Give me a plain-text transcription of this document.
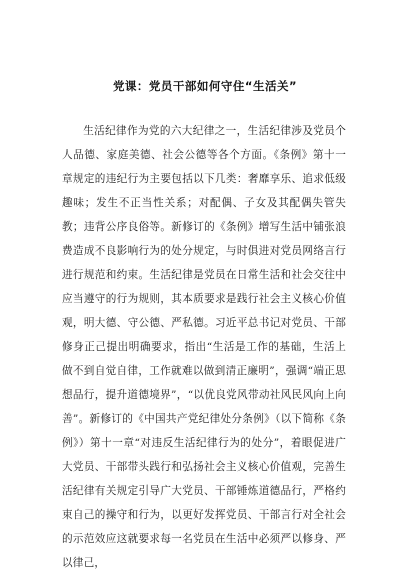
党课：党员干部如何守住“生活关”

生活纪律作为党的六大纪律之一，生活纪律涉及党员个人品德、家庭美德、社会公德等各个方面。《条例》第十一章规定的违纪行为主要包括以下几类：奢靡享乐、追求低级趣味；发生不正当性关系；对配偶、子女及其配偶失管失教；违背公序良俗等。新修订的《条例》增写生活中铺张浪费造成不良影响行为的处分规定，与时俱进对党员网络言行进行规范和约束。生活纪律是党员在日常生活和社会交往中应当遵守的行为规则，其本质要求是践行社会主义核心价值观，明大德、守公德、严私德。习近平总书记对党员、干部修身正己提出明确要求，指出“生活是工作的基础，生活上做不到自觉自律，工作就难以做到清正廉明”，强调“端正思想品行，提升道德境界”，“以优良党风带动社风民风向上向善”。新修订的《中国共产党纪律处分条例》（以下简称《条例》）第十一章“对违反生活纪律行为的处分”，着眼促进广大党员、干部带头践行和弘扬社会主义核心价值观，完善生活纪律有关规定引导广大党员、干部锤炼道德品行，严格约束自己的操守和行为，以更好发挥党员、干部言行对全社会的示范效应这就要求每一名党员在生活中必须严以修身、严以律己，
